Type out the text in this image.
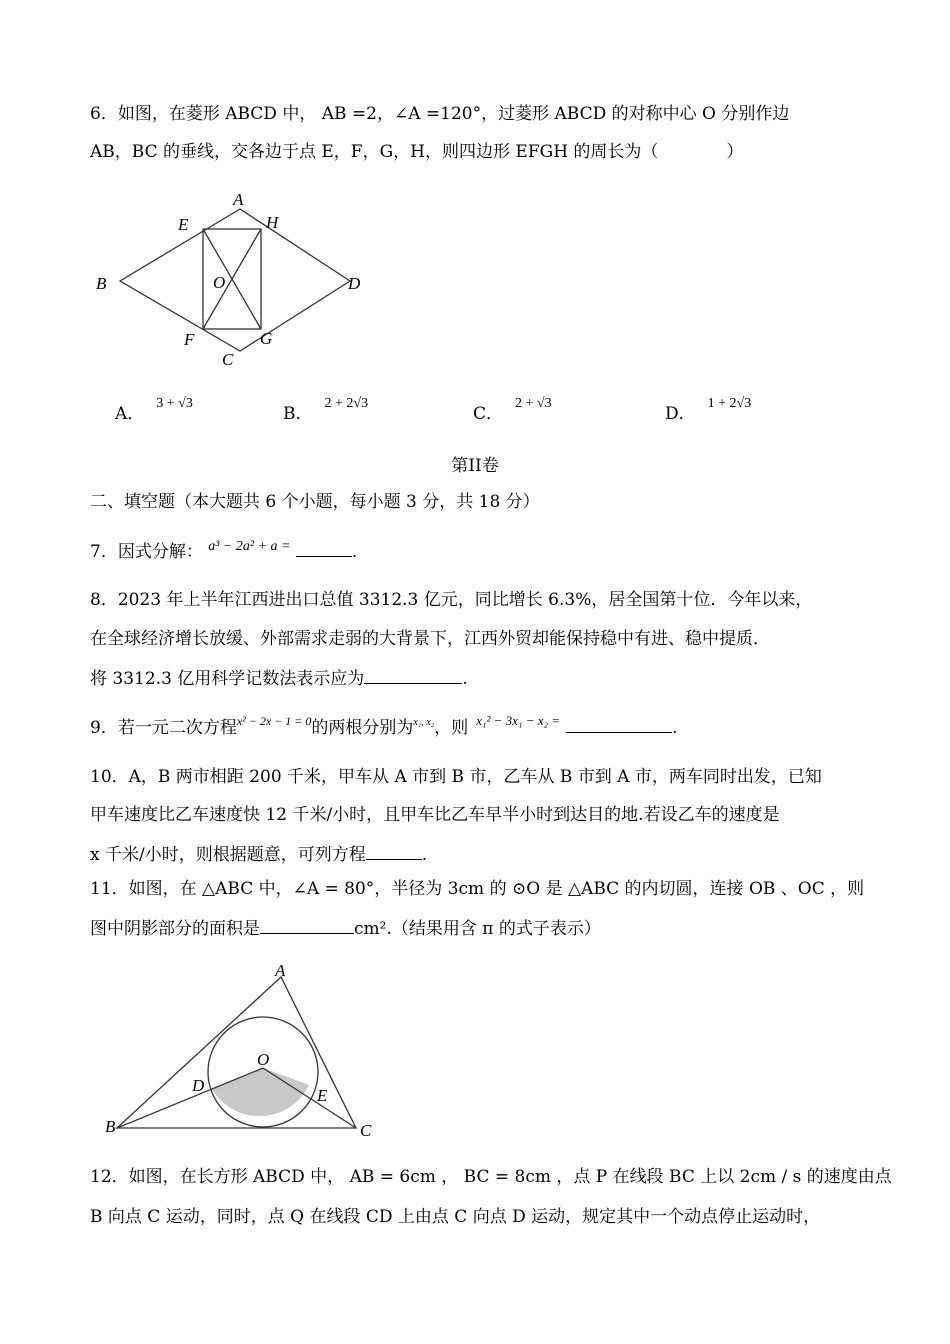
6．如图，在菱形 ABCD 中， AB =2，∠A =120°，过菱形 ABCD 的对称中心 O 分别作边
AB，BC 的垂线，交各边于点 E，F，G，H，则四边形 EFGH 的周长为（　　　　）
A
B
C
D
E
F	G
H
O
A．$^{3 + √3}$
B．$^{2 + 2√3}$
C．$^{2 + √3}$
D．$^{1 + 2√3}$
第II卷
二、填空题（本大题共 6 个小题，每小题 3 分，共 18 分）
7．因式分解： $^{a^3 - 2a^2 + a =}$	.
8．2023 年上半年江西进出口总值 3312.3 亿元，同比增长 6.3%，居全国第十位．今年以来，
在全球经济增长放缓、外部需求走弱的大背景下，江西外贸却能保持稳中有进、稳中提质．
将 3312.3 亿用科学记数法表示应为	.
9．若一元二次方程$^{x^2 - 2x - 1 = 0}$的两根分别为$^{x_1, x_2}$，则 $^{x_1^2 - 3x_1 - x_2 =}$	.
10．A，B 两市相距 200 千米，甲车从 A 市到 B 市，乙车从 B 市到 A 市，两车同时出发，已知
甲车速度比乙车速度快 12 千米/小时，且甲车比乙车早半小时到达目的地.若设乙车的速度是
x 千米/小时，则根据题意，可列方程	.
11．如图，在 △ABC 中，∠A = 80°，半径为 3cm 的 ⊙O 是 △ABC 的内切圆，连接 OB 、OC ，则
图中阴影部分的面积是	cm².（结果用含 π 的式子表示）
A
B	C
D
E
O
12．如图，在长方形 ABCD 中， AB = 6cm ， BC = 8cm ，点 P 在线段 BC 上以 2cm / s 的速度由点
B 向点 C 运动，同时，点 Q 在线段 CD 上由点 C 向点 D 运动，规定其中一个动点停止运动时，
